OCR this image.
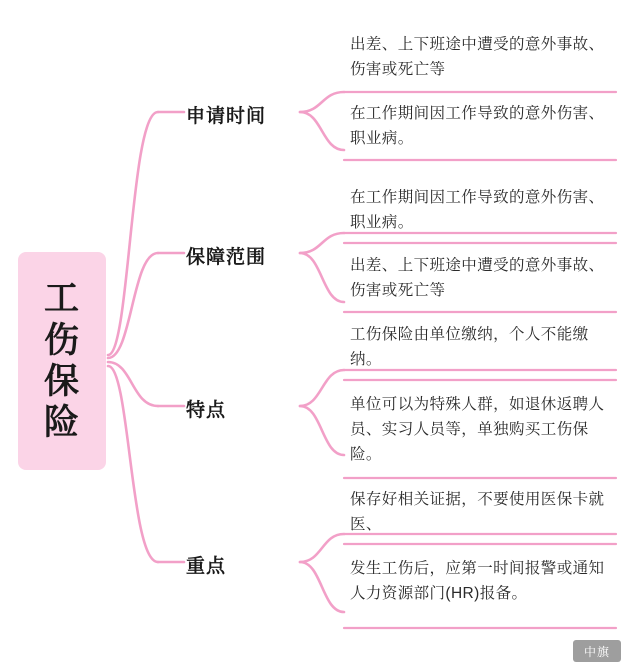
工伤保险
申请时间
保障范围
特点
重点
出差、上下班途中遭受的意外事故、伤害或死亡等
在工作期间因工作导致的意外伤害、职业病。
在工作期间因工作导致的意外伤害、职业病。
出差、上下班途中遭受的意外事故、伤害或死亡等
工伤保险由单位缴纳，个人不能缴纳。
单位可以为特殊人群，如退休返聘人员、实习人员等，单独购买工伤保险。
保存好相关证据，不要使用医保卡就医、
发生工伤后，应第一时间报警或通知人力资源部门(HR)报备。
中旗
